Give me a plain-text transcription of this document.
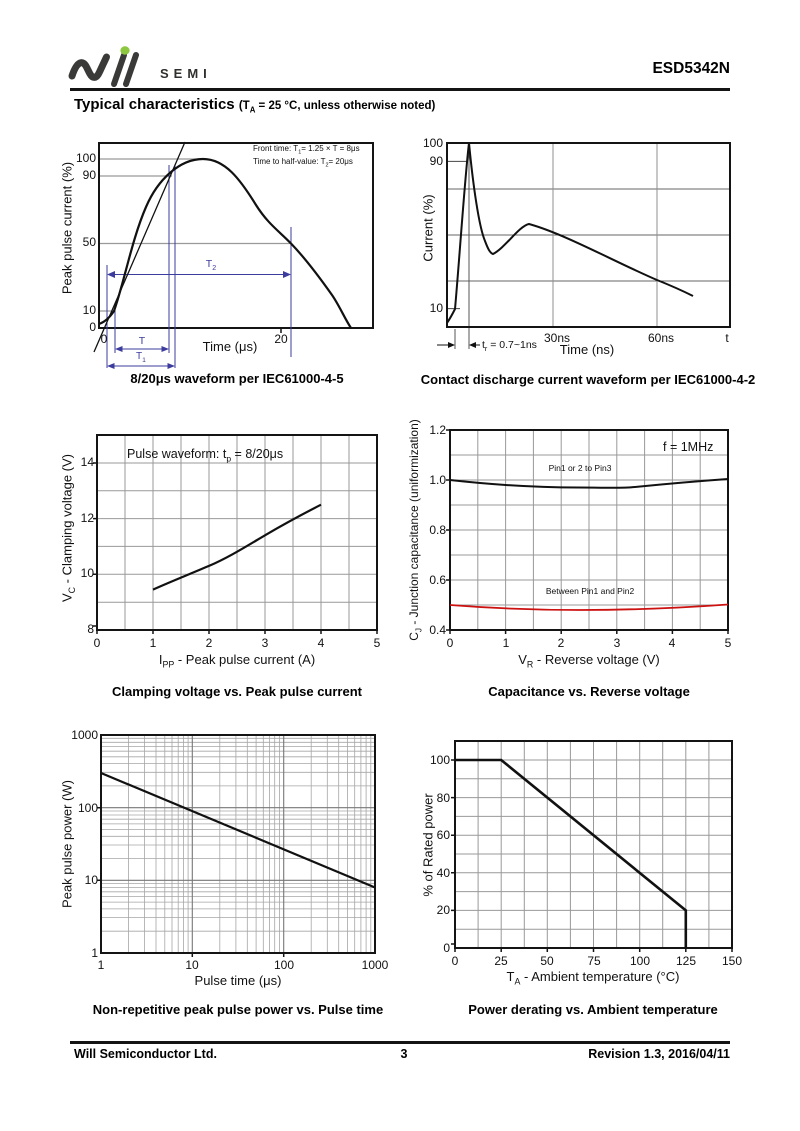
SEMI	ESD5342N
Typical characteristics ($T_A = 25$ °C, unless otherwise noted)
100
90
50
10
0
0	20
Front time: $T_1= 1.25 \times T = 8\mu s$
Time to half-value: $T_2= 20\mu s$
$T_2$
T
$T_1$
Time (μs)
Peak pulse current (%)
8/20μs waveform per IEC61000-4-5
100
90
10
30ns	60ns	t
$t_r$ = 0.7~1ns Time (ns)
Current (%)
Contact discharge current waveform per IEC61000-4-2
14
12
10
8
0	1	2	3	4	5
Pulse waveform: $t_p = 8/20\mu s$
$I_{PP}$ - Peak pulse current (A)
$V_C$ - Clamping voltage (V)
Clamping voltage vs. Peak pulse current
1.2
1.0
0.8
0.6
0.4
0	1	2	3	4	5
f = 1MHz
Pin1 or 2 to Pin3
Between Pin1 and Pin2
$V_R$ - Reverse voltage (V)
$C_J$ - Junction capacitance (uniformization)
Capacitance vs. Reverse voltage
1000
100
10
1
1	10	100	1000
Pulse time (μs)
Peak pulse power (W)
Non-repetitive peak pulse power vs. Pulse time
100
80
60
40
20
0
0	25	50	75 100 125 150
$T_A$ - Ambient temperature (°C)
% of Rated power
Power derating vs. Ambient temperature
Will Semiconductor Ltd.	3	Revision 1.3, 2016/04/11
